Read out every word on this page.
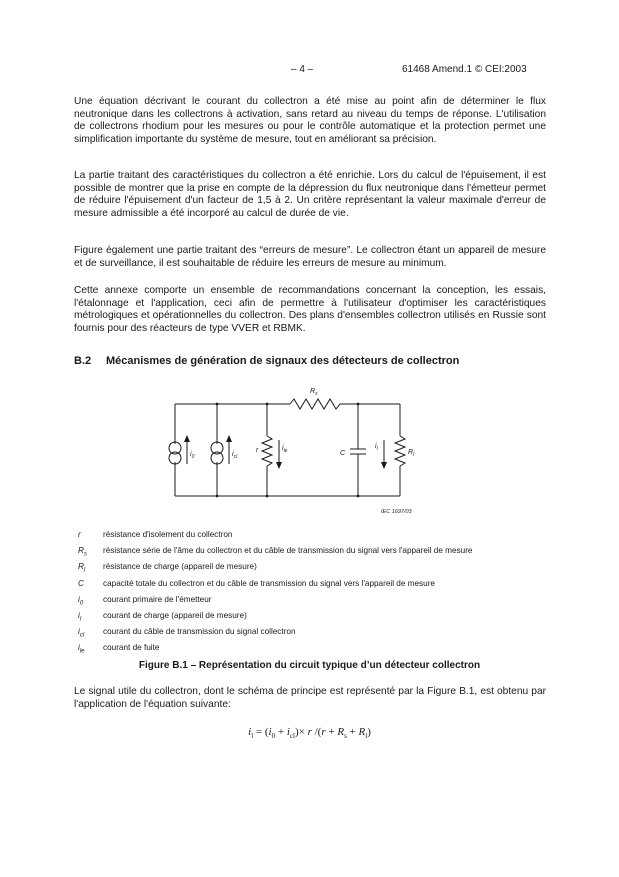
– 4 –	61468 Amend.1 © CEI:2003

Une équation décrivant le courant du collectron a été mise au point afin de déterminer le flux neutronique dans les collectrons à activation, sans retard au niveau du temps de réponse. L'utilisation de collectrons rhodium pour les mesures ou pour le contrôle automatique et la protection permet une simplification importante du système de mesure, tout en améliorant sa précision.

La partie traitant des caractéristiques du collectron a été enrichie. Lors du calcul de l'épuisement, il est possible de montrer que la prise en compte de la dépression du flux neutronique dans l'émetteur permet de réduire l'épuisement d'un facteur de 1,5 à 2. Un critère représentant la valeur maximale d'erreur de mesure admissible a été incorporé au calcul de durée de vie.

Figure également une partie traitant des “erreurs de mesure”. Le collectron étant un appareil de mesure et de surveillance, il est souhaitable de réduire les erreurs de mesure au minimum.

Cette annexe comporte un ensemble de recommandations concernant la conception, les essais, l'étalonnage et l'application, ceci afin de permettre à l'utilisateur d'optimiser les caractéristiques métrologiques et opérationnelles du collectron. Des plans d'ensembles collectron utilisés en Russie sont fournis pour des réacteurs de type VVER et RBMK.

B.2 Mécanismes de génération de signaux des détecteurs de collectron
$R_s$
$i_0$	$i_{cl}$
r	$i_{le}$	C
$i_l$	$R_l$
IEC 1697/03
r	résistance d'isolement du collectron
$R_s$ résistance série de l'âme du collectron et du câble de transmission du signal vers l'appareil de mesure
$R_l$ résistance de charge (appareil de mesure)
C capacité totale du collectron et du câble de transmission du signal vers l'appareil de mesure
$i_0$ courant primaire de l'émetteur
$i_l$	courant de charge (appareil de mesure)
$i_{cl}$ courant du câble de transmission du signal collectron
$i_{le}$ courant de fuite
Figure B.1 – Représentation du circuit typique d’un détecteur collectron

Le signal utile du collectron, dont le schéma de principe est représenté par la Figure B.1, est obtenu par l'application de l'équation suivante:

$i_l = (i_0 + i_{cl})\times r$ $/(r + R_s + R_l)$
